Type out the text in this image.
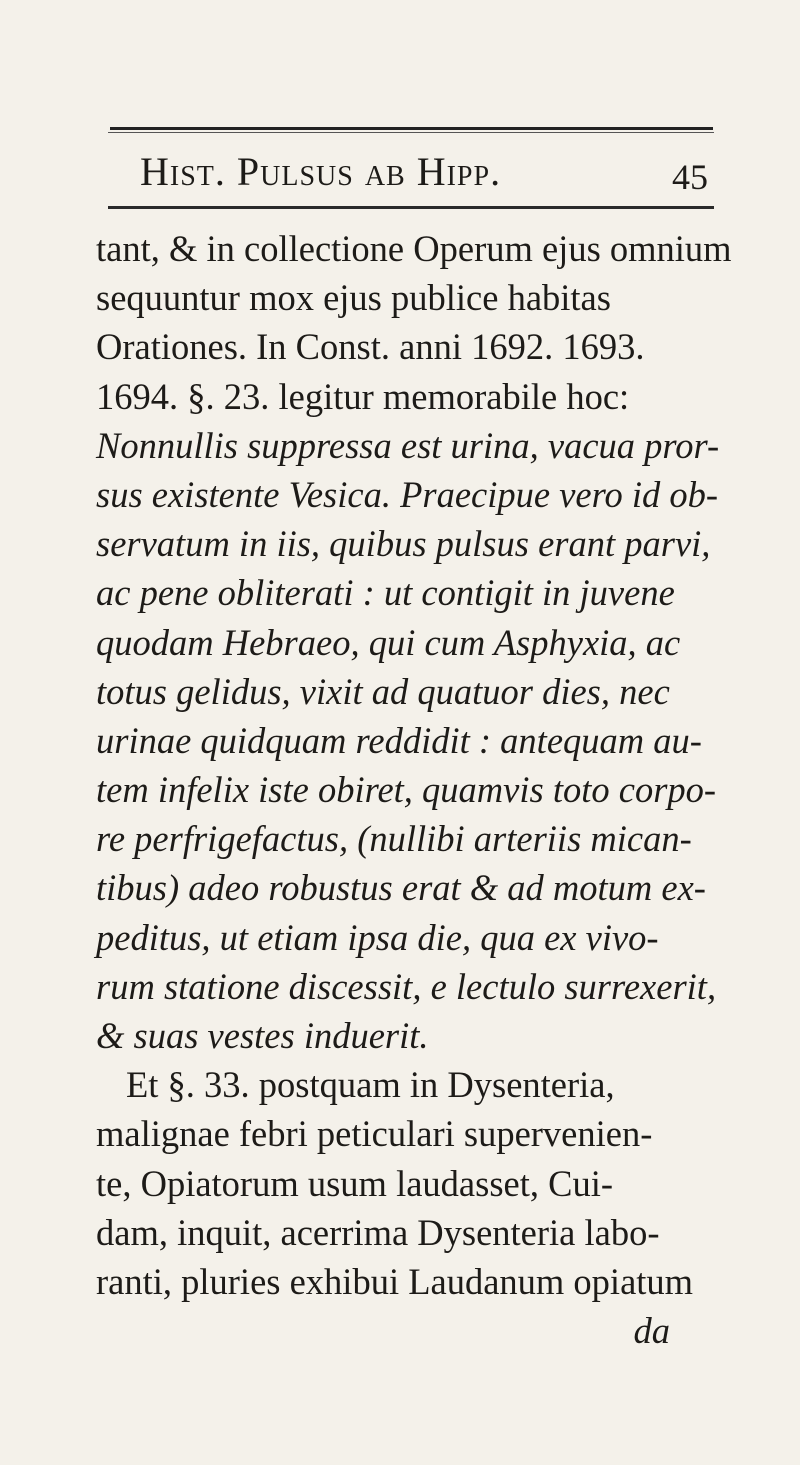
Hist. Pulsus ab Hipp.	45
tant, & in collectione Operum ejus omnium
sequuntur mox ejus publice habitas
Orationes. In Const. anni 1692. 1693.
1694. §. 23. legitur memorabile hoc:
Nonnullis suppressa est urina, vacua pror-
sus existente Vesica. Praecipue vero id ob-
servatum in iis, quibus pulsus erant parvi,
ac pene obliterati : ut contigit in juvene
quodam Hebraeo, qui cum Asphyxia, ac
totus gelidus, vixit ad quatuor dies, nec
urinae quidquam reddidit : antequam au-
tem infelix iste obiret, quamvis toto corpo-
re perfrigefactus, (nullibi arteriis mican-
tibus) adeo robustus erat & ad motum ex-
peditus, ut etiam ipsa die, qua ex vivo-
rum statione discessit, e lectulo surrexerit,
& suas vestes induerit.
Et §. 33. postquam in Dysenteria,
malignae febri peticulari supervenien-
te, Opiatorum usum laudasset, Cui-
dam, inquit, acerrima Dysenteria labo-
ranti, pluries exhibui Laudanum opiatum
da
